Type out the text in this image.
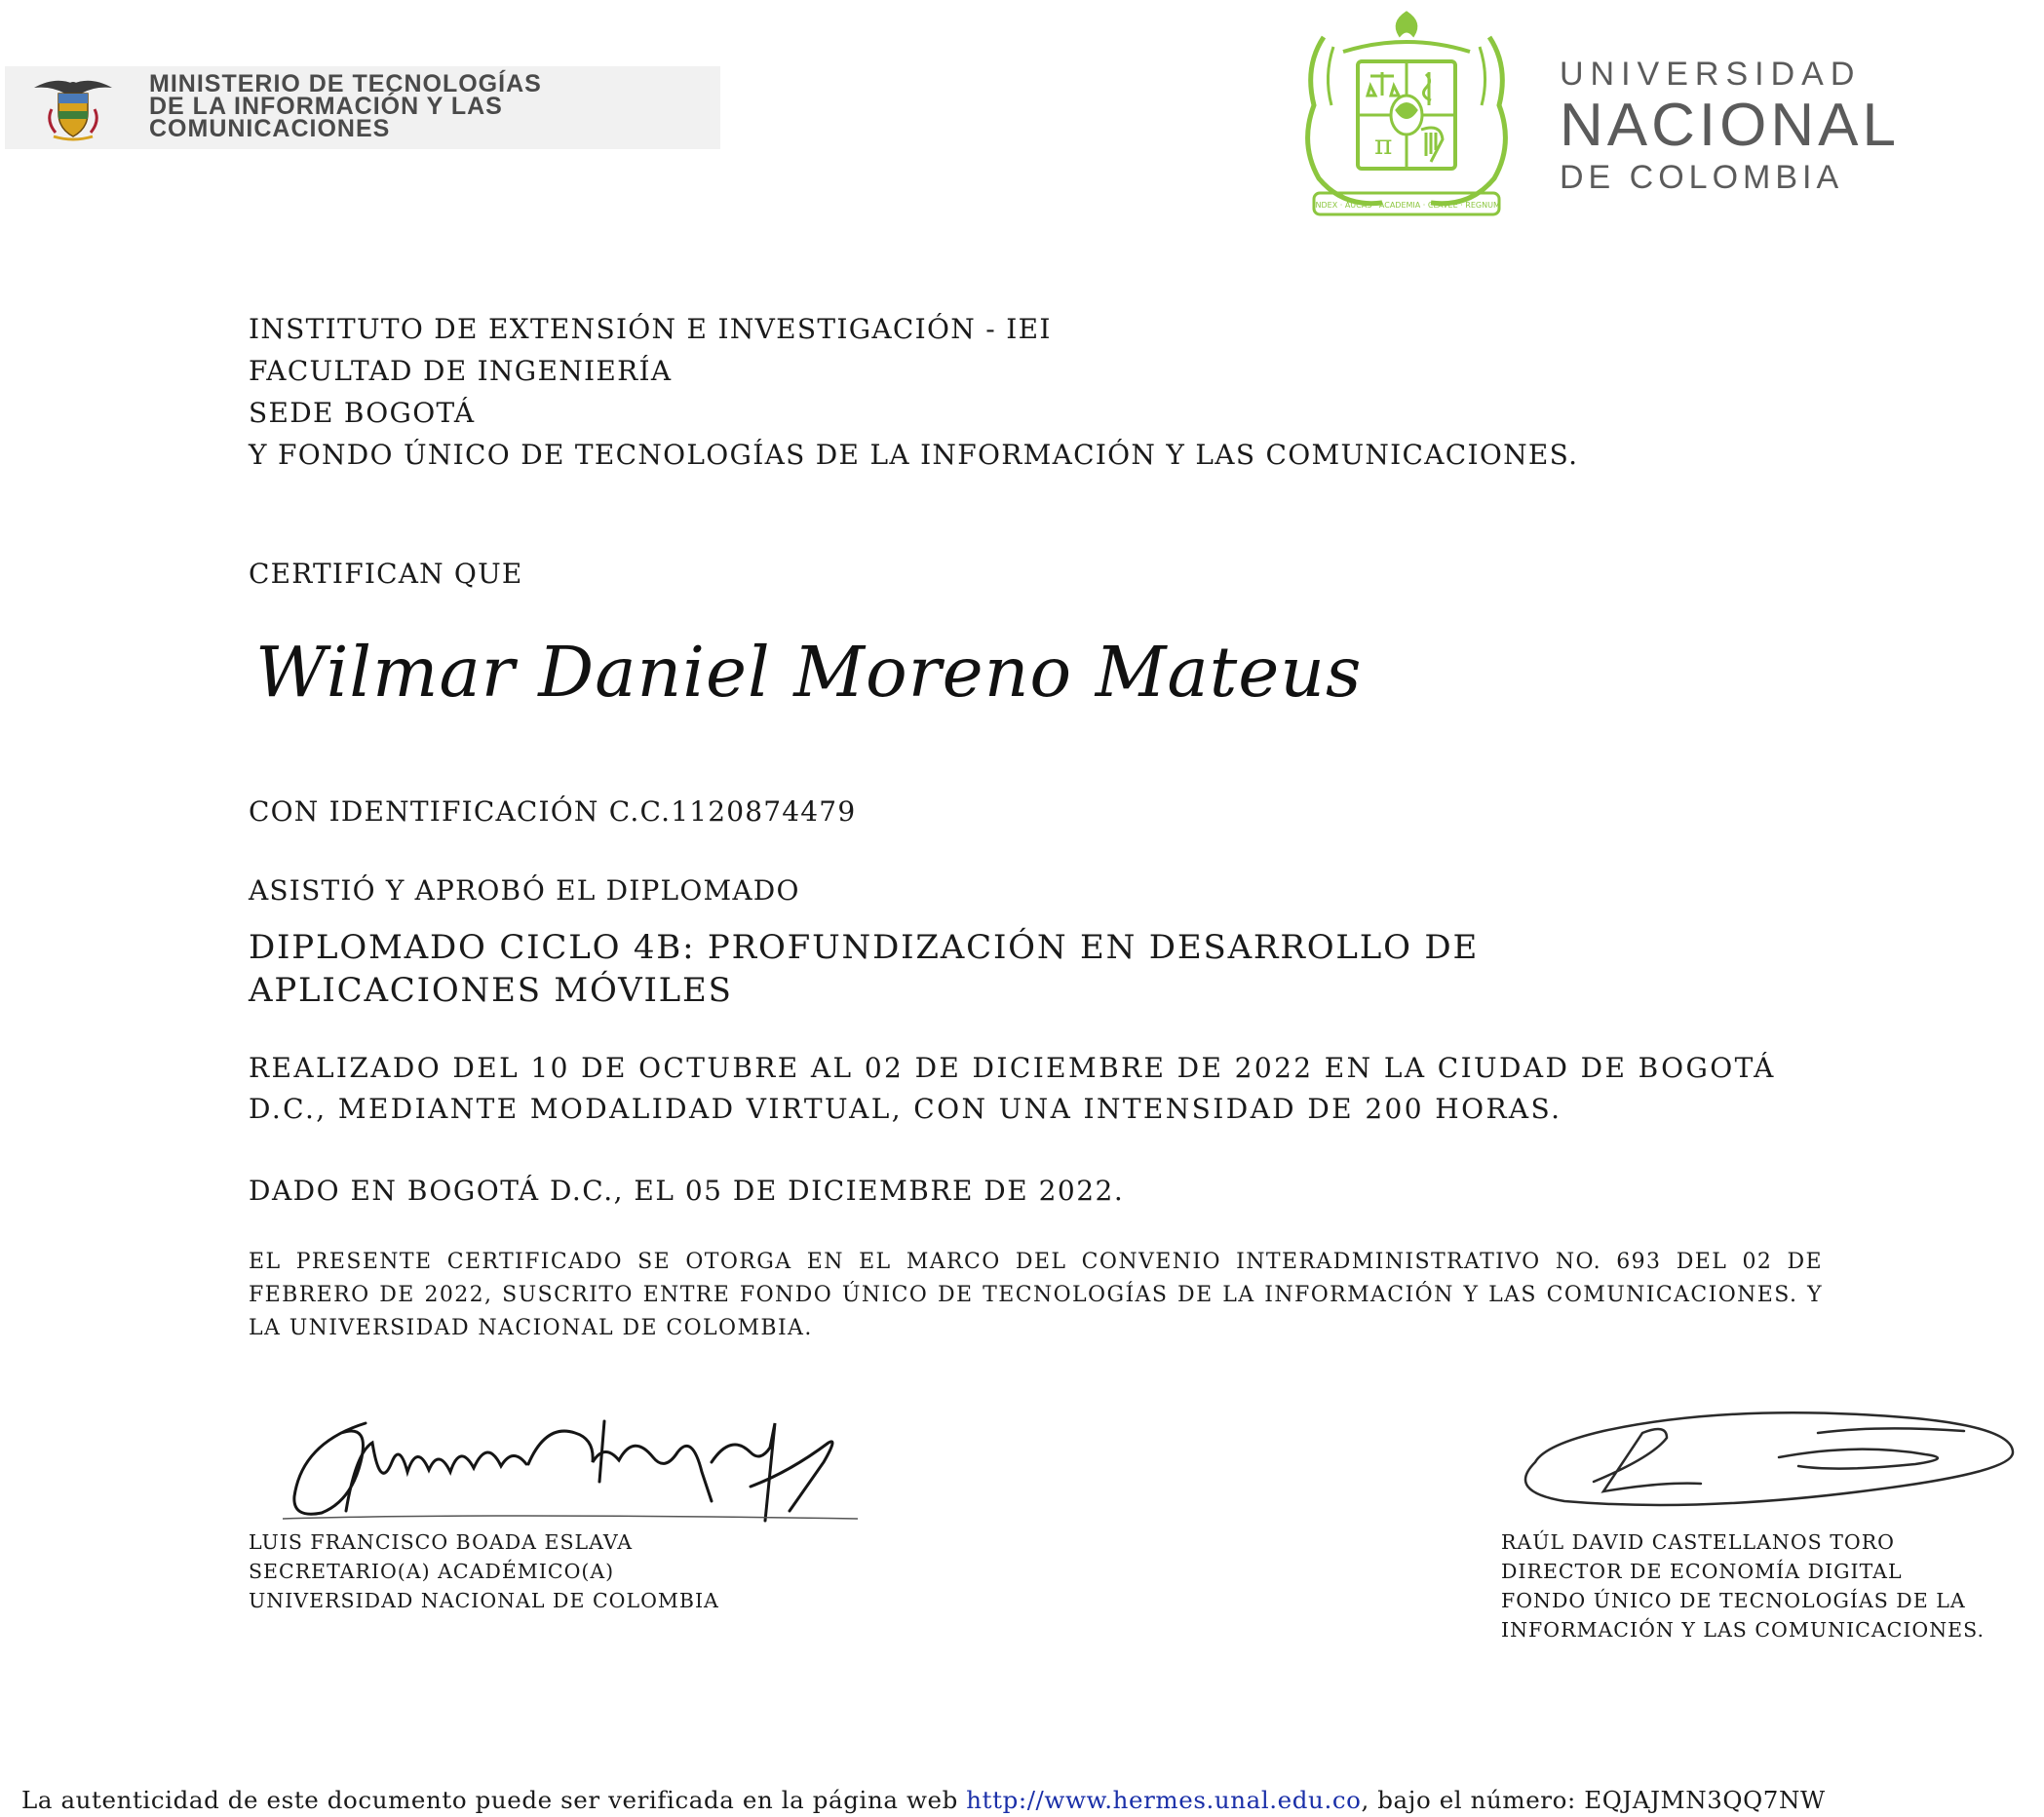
MINISTERIO DE TECNOLOGÍAS
DE LA INFORMACIÓN Y LAS
COMUNICACIONES	π
INDEX · AUCAS · ACADEMIA · CLAVEE · REGNUM
UNIVERSIDAD
NACIONAL
DE COLOMBIA
INSTITUTO DE EXTENSIÓN E INVESTIGACIÓN - IEI
FACULTAD DE INGENIERÍA
SEDE BOGOTÁ
Y FONDO ÚNICO DE TECNOLOGÍAS DE LA INFORMACIÓN Y LAS COMUNICACIONES.
CERTIFICAN QUE
Wilmar Daniel Moreno Mateus
CON IDENTIFICACIÓN C.C.1120874479
ASISTIÓ Y APROBÓ EL DIPLOMADO
DIPLOMADO CICLO 4B: PROFUNDIZACIÓN EN DESARROLLO DE
APLICACIONES MÓVILES
REALIZADO DEL 10 DE OCTUBRE AL 02 DE DICIEMBRE DE 2022 EN LA CIUDAD DE BOGOTÁ
D.C., MEDIANTE MODALIDAD VIRTUAL, CON UNA INTENSIDAD DE 200 HORAS.
DADO EN BOGOTÁ D.C., EL 05 DE DICIEMBRE DE 2022.
EL PRESENTE CERTIFICADO SE OTORGA EN EL MARCO DEL CONVENIO INTERADMINISTRATIVO NO. 693 DEL 02 DE FEBRERO DE 2022, SUSCRITO ENTRE FONDO ÚNICO DE TECNOLOGÍAS DE LA INFORMACIÓN Y LAS COMUNICACIONES. Y LA UNIVERSIDAD NACIONAL DE COLOMBIA.
LUIS FRANCISCO BOADA ESLAVA
SECRETARIO(A) ACADÉMICO(A)
UNIVERSIDAD NACIONAL DE COLOMBIA
RAÚL DAVID CASTELLANOS TORO
DIRECTOR DE ECONOMÍA DIGITAL
FONDO ÚNICO DE TECNOLOGÍAS DE LA
INFORMACIÓN Y LAS COMUNICACIONES.
La autenticidad de este documento puede ser verificada en la página web http://www.hermes.unal.edu.co, bajo el número: EQJAJMN3QQ7NW
